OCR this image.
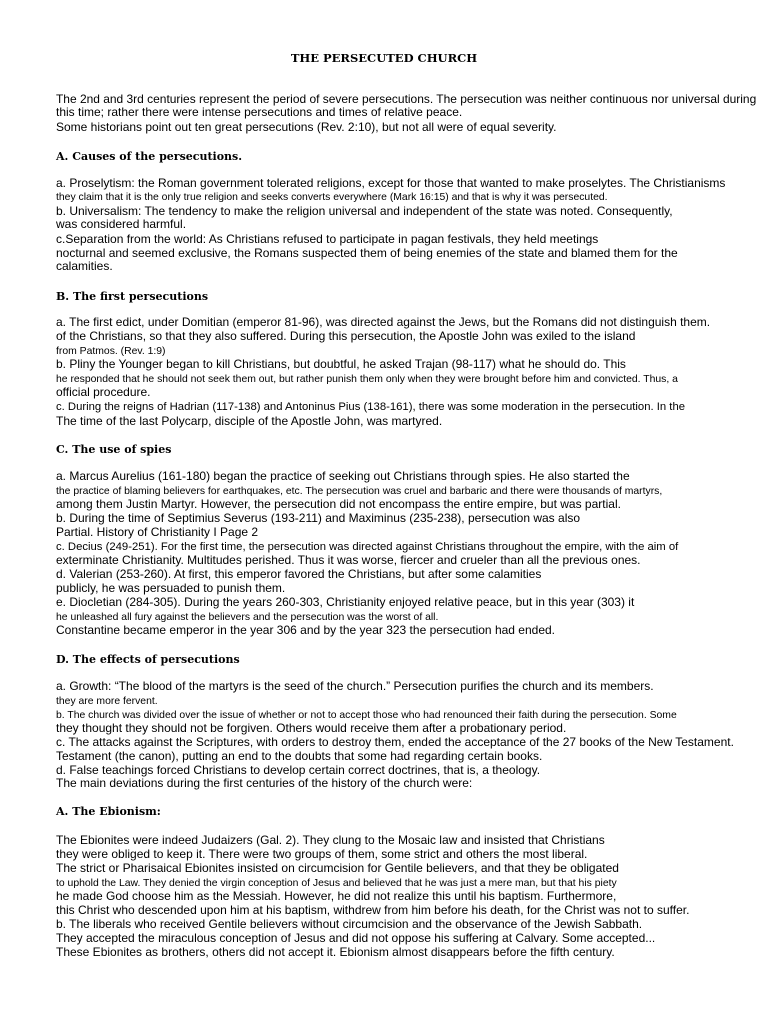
THE PERSECUTED CHURCH
The 2nd and 3rd centuries represent the period of severe persecutions. The persecution was neither continuous nor universal during
this time; rather there were intense persecutions and times of relative peace.
Some historians point out ten great persecutions (Rev. 2:10), but not all were of equal severity.
A. Causes of the persecutions.
a. Proselytism: the Roman government tolerated religions, except for those that wanted to make proselytes. The Christianisms
they claim that it is the only true religion and seeks converts everywhere (Mark 16:15) and that is why it was persecuted.
b. Universalism: The tendency to make the religion universal and independent of the state was noted. Consequently,
was considered harmful.
c.Separation from the world: As Christians refused to participate in pagan festivals, they held meetings
nocturnal and seemed exclusive, the Romans suspected them of being enemies of the state and blamed them for the
calamities.
B. The first persecutions
a. The first edict, under Domitian (emperor 81-96), was directed against the Jews, but the Romans did not distinguish them.
of the Christians, so that they also suffered. During this persecution, the Apostle John was exiled to the island
from Patmos. (Rev. 1:9)
b. Pliny the Younger began to kill Christians, but doubtful, he asked Trajan (98-117) what he should do. This
he responded that he should not seek them out, but rather punish them only when they were brought before him and convicted. Thus, a
official procedure.
c. During the reigns of Hadrian (117-138) and Antoninus Pius (138-161), there was some moderation in the persecution. In the
The time of the last Polycarp, disciple of the Apostle John, was martyred.
C. The use of spies
a. Marcus Aurelius (161-180) began the practice of seeking out Christians through spies. He also started the
the practice of blaming believers for earthquakes, etc. The persecution was cruel and barbaric and there were thousands of martyrs,
among them Justin Martyr. However, the persecution did not encompass the entire empire, but was partial.
b. During the time of Septimius Severus (193-211) and Maximinus (235-238), persecution was also
Partial. History of Christianity I Page 2
c. Decius (249-251). For the first time, the persecution was directed against Christians throughout the empire, with the aim of
exterminate Christianity. Multitudes perished. Thus it was worse, fiercer and crueler than all the previous ones.
d. Valerian (253-260). At first, this emperor favored the Christians, but after some calamities
publicly, he was persuaded to punish them.
e. Diocletian (284-305). During the years 260-303, Christianity enjoyed relative peace, but in this year (303) it
he unleashed all fury against the believers and the persecution was the worst of all.
Constantine became emperor in the year 306 and by the year 323 the persecution had ended.
D. The effects of persecutions
a. Growth: “The blood of the martyrs is the seed of the church.” Persecution purifies the church and its members.
they are more fervent.
b. The church was divided over the issue of whether or not to accept those who had renounced their faith during the persecution. Some
they thought they should not be forgiven. Others would receive them after a probationary period.
c. The attacks against the Scriptures, with orders to destroy them, ended the acceptance of the 27 books of the New Testament.
Testament (the canon), putting an end to the doubts that some had regarding certain books.
d. False teachings forced Christians to develop certain correct doctrines, that is, a theology.
The main deviations during the first centuries of the history of the church were:
A. The Ebionism:
The Ebionites were indeed Judaizers (Gal. 2). They clung to the Mosaic law and insisted that Christians
they were obliged to keep it. There were two groups of them, some strict and others the most liberal.
The strict or Pharisaical Ebionites insisted on circumcision for Gentile believers, and that they be obligated
to uphold the Law. They denied the virgin conception of Jesus and believed that he was just a mere man, but that his piety
he made God choose him as the Messiah. However, he did not realize this until his baptism. Furthermore,
this Christ who descended upon him at his baptism, withdrew from him before his death, for the Christ was not to suffer.
b. The liberals who received Gentile believers without circumcision and the observance of the Jewish Sabbath.
They accepted the miraculous conception of Jesus and did not oppose his suffering at Calvary. Some accepted...
These Ebionites as brothers, others did not accept it. Ebionism almost disappears before the fifth century.
